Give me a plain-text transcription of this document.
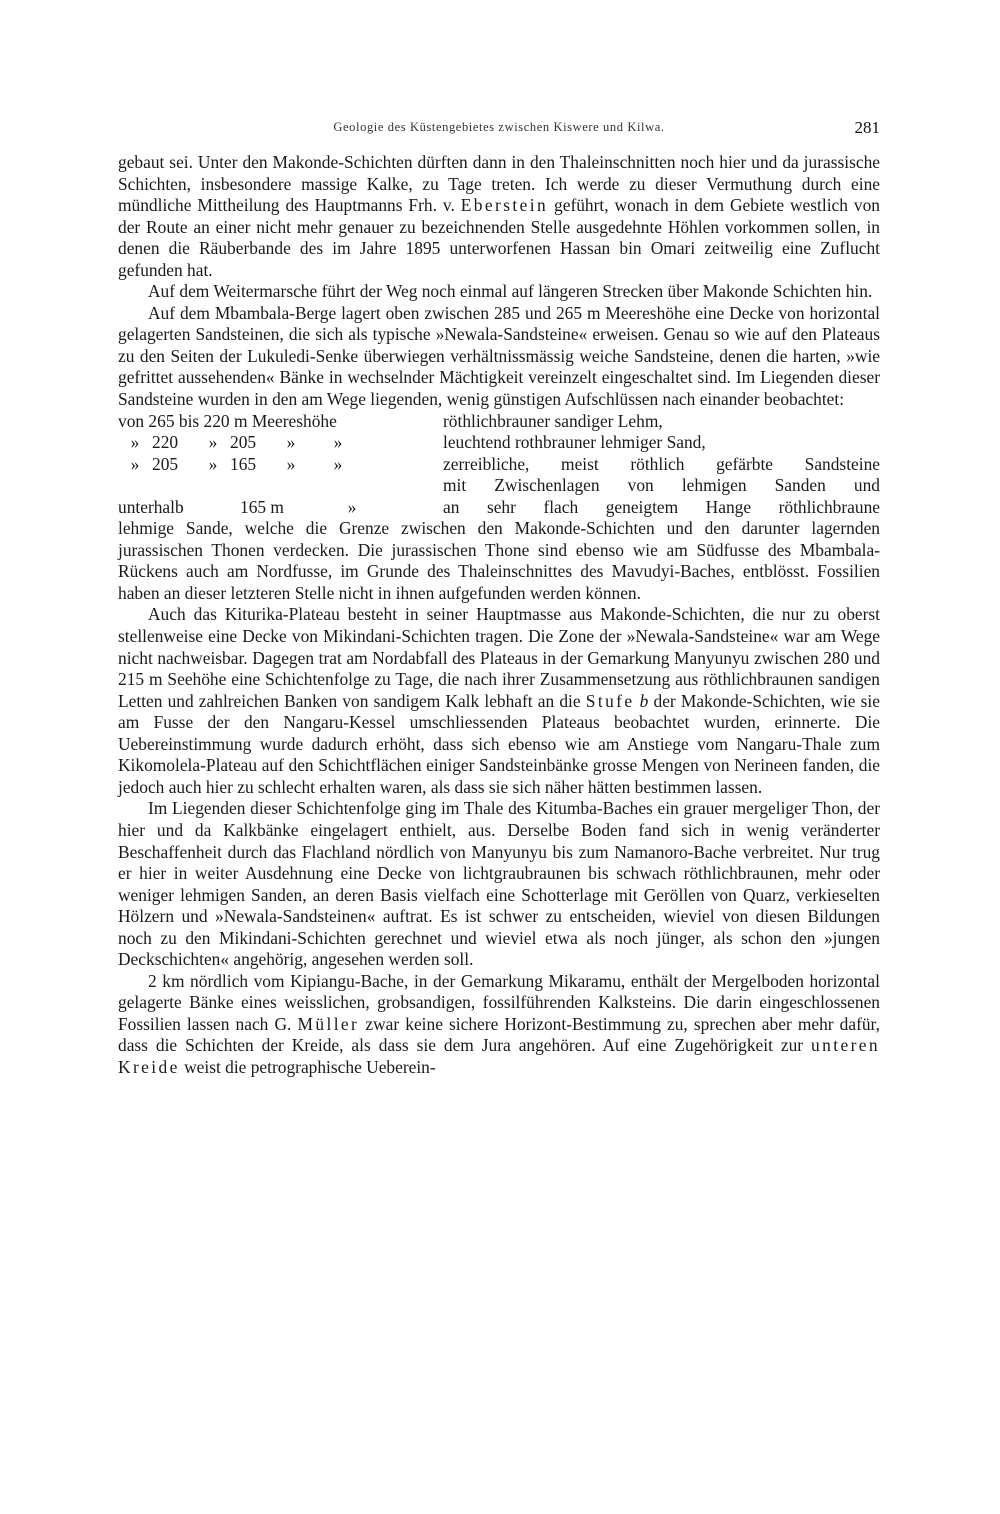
Geologie des Küstengebietes zwischen Kiswere und Kilwa.	281

gebaut sei. Unter den Makonde-Schichten dürften dann in den Thaleinschnitten noch hier und da jurassische Schichten, insbesondere massige Kalke, zu Tage treten. Ich werde zu dieser Vermuthung durch eine mündliche Mittheilung des Hauptmanns Frh. v. Eberstein geführt, wonach in dem Gebiete westlich von der Route an einer nicht mehr genauer zu bezeichnenden Stelle ausgedehnte Höhlen vorkommen sollen, in denen die Räuberbande des im Jahre 1895 unterworfenen Hassan bin Omari zeitweilig eine Zuflucht gefunden hat.

Auf dem Weitermarsche führt der Weg noch einmal auf längeren Strecken über Makonde Schichten hin.

Auf dem Mbambala-Berge lagert oben zwischen 285 und 265 m Meereshöhe eine Decke von horizontal gelagerten Sandsteinen, die sich als typische »Newala-Sandsteine« erweisen. Genau so wie auf den Plateaus zu den Seiten der Lukuledi-Senke überwiegen verhältnissmässig weiche Sandsteine, denen die harten, »wie gefrittet aussehenden« Bänke in wechselnder Mächtigkeit vereinzelt eingeschaltet sind. Im Liegenden dieser Sandsteine wurden in den am Wege liegenden, wenig günstigen Aufschlüssen nach einander beobachtet:

von 265 bis 220 m Meereshöhe	röthlichbrauner sandiger Lehm,
» 220 » 205 » »	leuchtend rothbrauner lehmiger Sand,
» 205 » 165 » »	zerreibliche, meist röthlich gefärbte Sandsteine
mit Zwischenlagen von lehmigen Sanden und
unterhalb	165 m	»	an sehr flach geneigtem Hange röthlichbraune

lehmige Sande, welche die Grenze zwischen den Makonde-Schichten und den darunter lagernden jurassischen Thonen verdecken. Die jurassischen Thone sind ebenso wie am Südfusse des Mbambala-Rückens auch am Nordfusse, im Grunde des Thaleinschnittes des Mavudyi-Baches, entblösst. Fossilien haben an dieser letzteren Stelle nicht in ihnen aufgefunden werden können.

Auch das Kiturika-Plateau besteht in seiner Hauptmasse aus Makonde-Schichten, die nur zu oberst stellenweise eine Decke von Mikindani-Schichten tragen. Die Zone der »Newala-Sandsteine« war am Wege nicht nachweisbar. Dagegen trat am Nordabfall des Plateaus in der Gemarkung Manyunyu zwischen 280 und 215 m Seehöhe eine Schichtenfolge zu Tage, die nach ihrer Zusammensetzung aus röthlichbraunen sandigen Letten und zahlreichen Banken von sandigem Kalk lebhaft an die Stufe b der Makonde-Schichten, wie sie am Fusse der den Nangaru-Kessel umschliessenden Plateaus beobachtet wurden, erinnerte. Die Uebereinstimmung wurde dadurch erhöht, dass sich ebenso wie am Anstiege vom Nangaru-Thale zum Kikomolela-Plateau auf den Schichtflächen einiger Sandsteinbänke grosse Mengen von Nerineen fanden, die jedoch auch hier zu schlecht erhalten waren, als dass sie sich näher hätten bestimmen lassen.

Im Liegenden dieser Schichtenfolge ging im Thale des Kitumba-Baches ein grauer mergeliger Thon, der hier und da Kalkbänke eingelagert enthielt, aus. Derselbe Boden fand sich in wenig veränderter Beschaffenheit durch das Flachland nördlich von Manyunyu bis zum Namanoro-Bache verbreitet. Nur trug er hier in weiter Ausdehnung eine Decke von lichtgraubraunen bis schwach röthlichbraunen, mehr oder weniger lehmigen Sanden, an deren Basis vielfach eine Schotterlage mit Geröllen von Quarz, verkieselten Hölzern und »Newala-Sandsteinen« auftrat. Es ist schwer zu entscheiden, wieviel von diesen Bildungen noch zu den Mikindani-Schichten gerechnet und wieviel etwa als noch jünger, als schon den »jungen Deckschichten« angehörig, angesehen werden soll.

2 km nördlich vom Kipiangu-Bache, in der Gemarkung Mikaramu, enthält der Mergelboden horizontal gelagerte Bänke eines weisslichen, grobsandigen, fossilführenden Kalksteins. Die darin eingeschlossenen Fossilien lassen nach G. Müller zwar keine sichere Horizont-Bestimmung zu, sprechen aber mehr dafür, dass die Schichten der Kreide, als dass sie dem Jura angehören. Auf eine Zugehörigkeit zur unteren Kreide weist die petrographische Ueberein-
